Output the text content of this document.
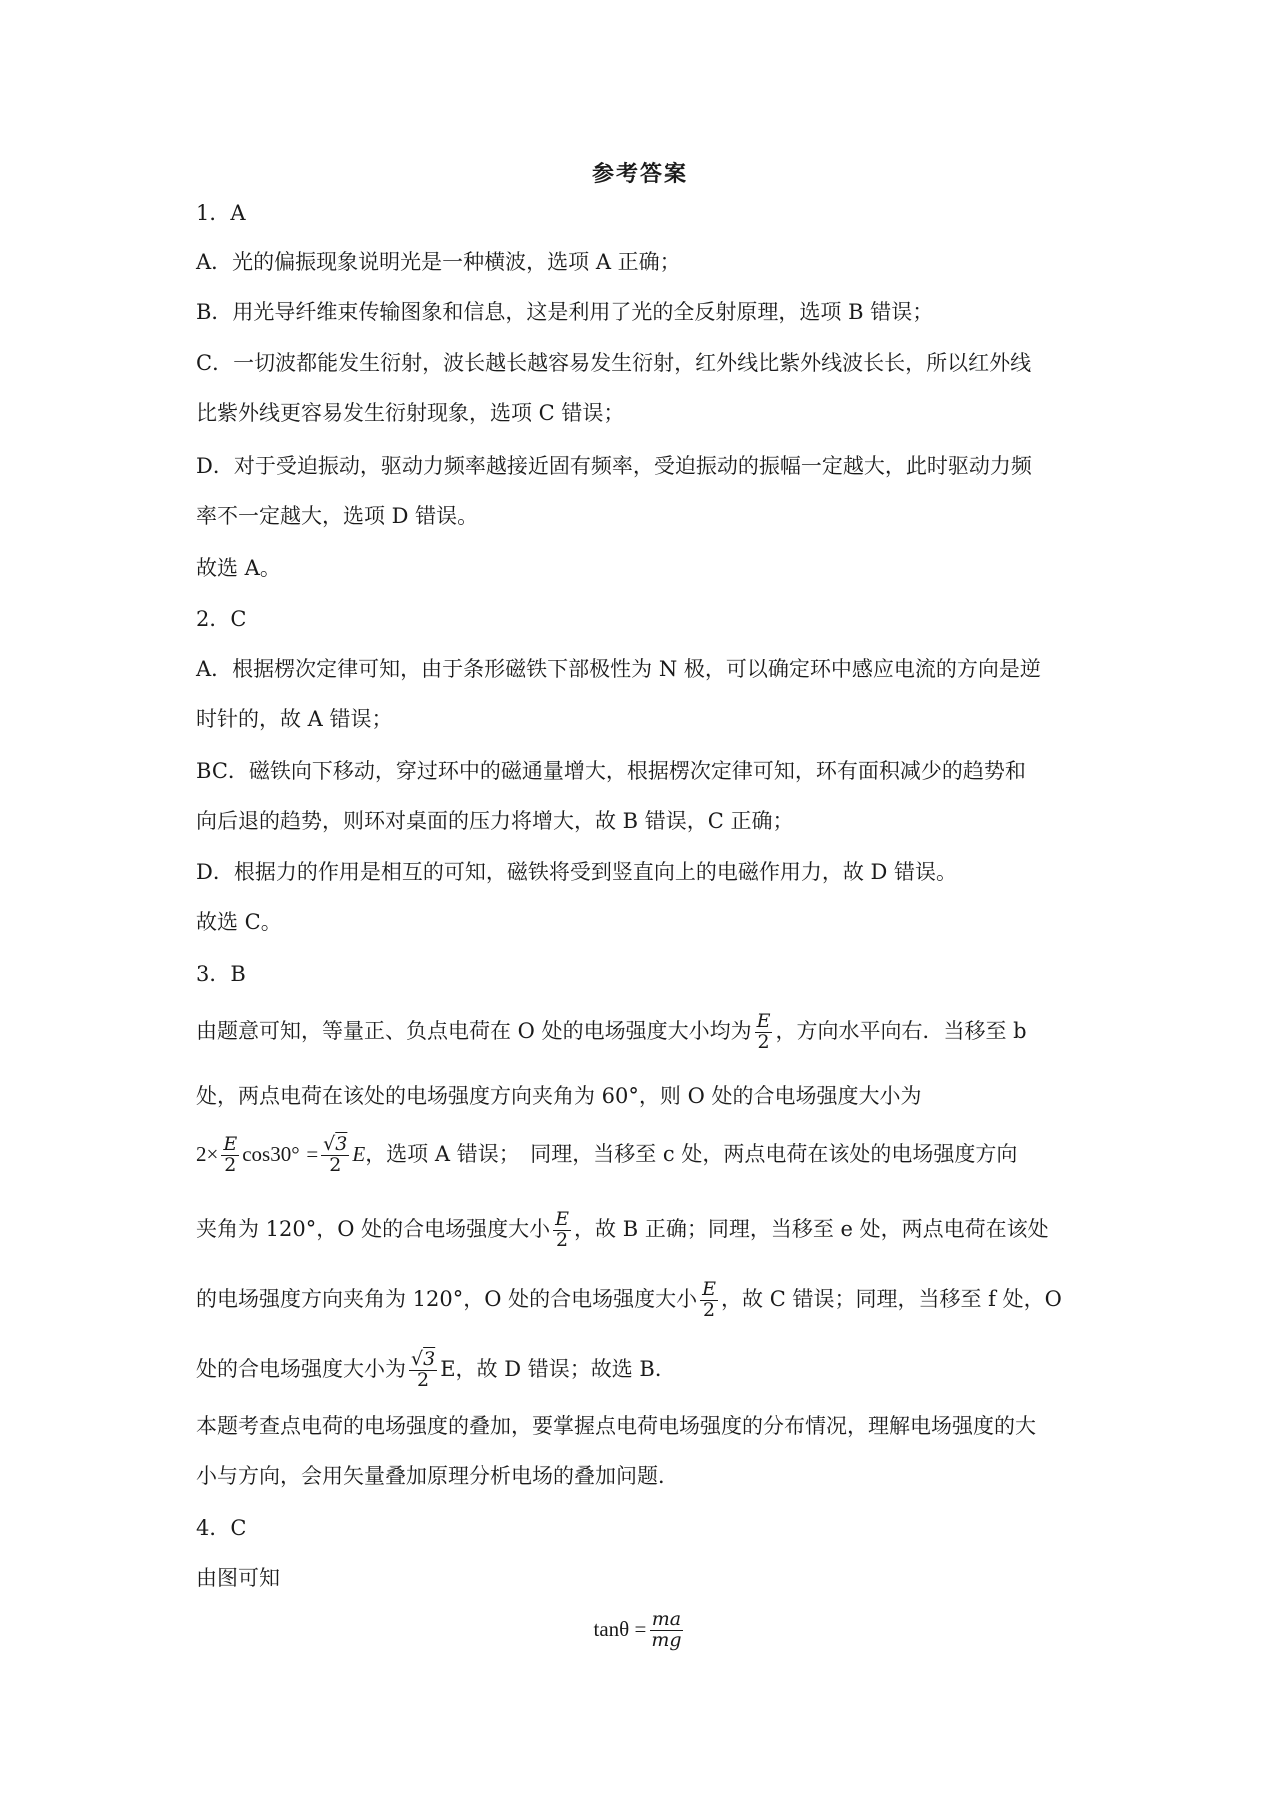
参考答案
1．A
A．光的偏振现象说明光是一种横波，选项 A 正确；
B．用光导纤维束传输图象和信息，这是利用了光的全反射原理，选项 B 错误；
C．一切波都能发生衍射，波长越长越容易发生衍射，红外线比紫外线波长长，所以红外线
比紫外线更容易发生衍射现象，选项 C 错误；
D．对于受迫振动，驱动力频率越接近固有频率，受迫振动的振幅一定越大，此时驱动力频
率不一定越大，选项 D 错误。
故选 A。
2．C
A．根据楞次定律可知，由于条形磁铁下部极性为 N 极，可以确定环中感应电流的方向是逆
时针的，故 A 错误；
BC．磁铁向下移动，穿过环中的磁通量增大，根据楞次定律可知，环有面积减少的趋势和
向后退的趋势，则环对桌面的压力将增大，故 B 错误，C 正确；
D．根据力的作用是相互的可知，磁铁将受到竖直向上的电磁作用力，故 D 错误。
故选 C。
3．B
由题意可知，等量正、负点电荷在 O 处的电场强度大小均为 $\frac{E}{2}$ ，方向水平向右．当移至 b
处，两点电荷在该处的电场强度方向夹角为 60°，则 O 处的合电场强度大小为
$2\times \frac{E}{2} \cos 30^\circ = \frac{√3}{2}$ E，选项 A 错误；　同理，当移至 c 处，两点电荷在该处的电场强度方向
夹角为 120°，O 处的合电场强度大小 $\frac{E}{2}$ ，故 B 正确；同理，当移至 e 处，两点电荷在该处
的电场强度方向夹角为 120°，O 处的合电场强度大小 $\frac{E}{2}$ ，故 C 错误；同理，当移至 f 处，O
处的合电场强度大小为 $\frac{√3}{2}$ E，故 D 错误；故选 B．
本题考查点电荷的电场强度的叠加，要掌握点电荷电场强度的分布情况，理解电场强度的大
小与方向，会用矢量叠加原理分析电场的叠加问题．
4．C
由图可知
$\tan\theta = \frac{ma}{mg}$
